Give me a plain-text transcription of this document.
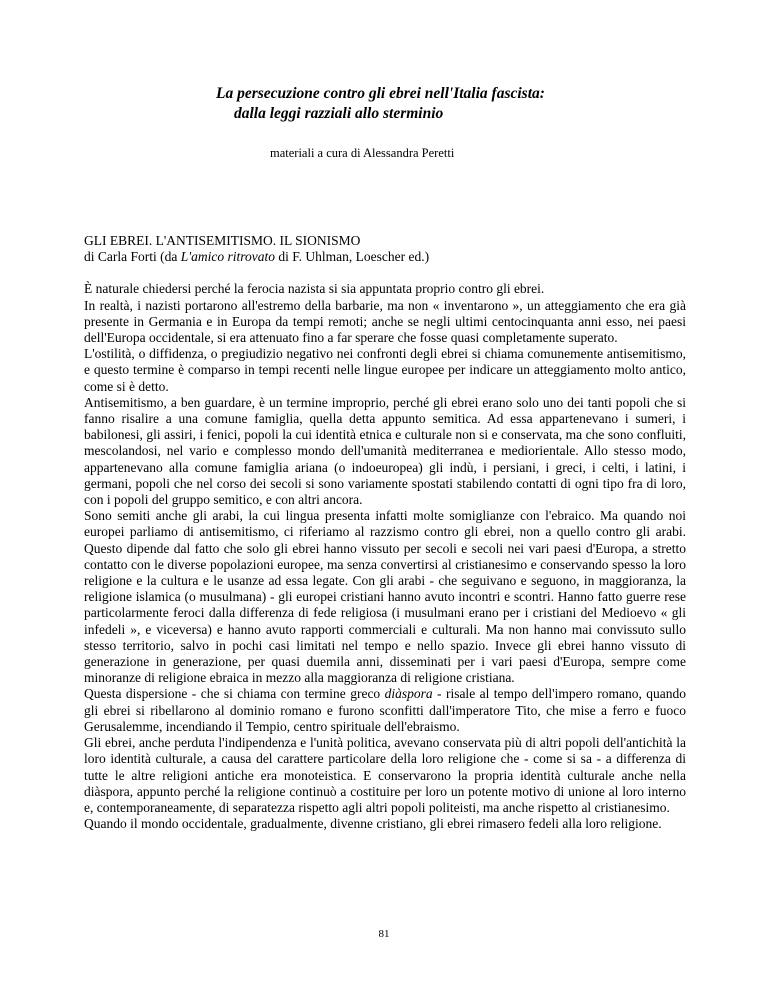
La persecuzione contro gli ebrei nell'Italia fascista:
dalla leggi razziali allo sterminio

materiali a cura di Alessandra Peretti

GLI EBREI. L'ANTISEMITISMO. IL SIONISMO

di Carla Forti (da L'amico ritrovato di F. Uhlman, Loescher ed.)

È naturale chiedersi perché la ferocia nazista si sia appuntata proprio contro gli ebrei.

In realtà, i nazisti portarono all'estremo della barbarie, ma non « inventarono », un atteggiamento che era già presente in Germania e in Europa da tempi remoti; anche se negli ultimi centocinquanta anni esso, nei paesi dell'Europa occidentale, si era attenuato fino a far sperare che fosse quasi completamente superato.

L'ostilità, o diffidenza, o pregiudizio negativo nei confronti degli ebrei si chiama comunemente antisemitismo, e questo termine è comparso in tempi recenti nelle lingue europee per indicare un atteggiamento molto antico, come si è detto.

Antisemitismo, a ben guardare, è un termine improprio, perché gli ebrei erano solo uno dei tanti popoli che si fanno risalire a una comune famiglia, quella detta appunto semitica. Ad essa appartenevano i sumeri, i babilonesi, gli assiri, i fenici, popoli la cui identità etnica e culturale non si e conservata, ma che sono confluiti, mescolandosi, nel vario e complesso mondo dell'umanità mediterranea e mediorientale. Allo stesso modo, appartenevano alla comune famiglia ariana (o indoeuropea) gli indù, i persiani, i greci, i celti, i latini, i germani, popoli che nel corso dei secoli si sono variamente spostati stabilendo contatti di ogni tipo fra di loro, con i popoli del gruppo semitico, e con altri ancora.

Sono semiti anche gli arabi, la cui lingua presenta infatti molte somiglianze con l'ebraico. Ma quando noi europei parliamo di antisemitismo, ci riferiamo al razzismo contro gli ebrei, non a quello contro gli arabi. Questo dipende dal fatto che solo gli ebrei hanno vissuto per secoli e secoli nei vari paesi d'Europa, a stretto contatto con le diverse popolazioni europee, ma senza convertirsi al cristianesimo e conservando spesso la loro religione e la cultura e le usanze ad essa legate. Con gli arabi - che seguivano e seguono, in maggioranza, la religione islamica (o musulmana) - gli europei cristiani hanno avuto incontri e scontri. Hanno fatto guerre rese particolarmente feroci dalla differenza di fede religiosa (i musulmani erano per i cristiani del Medioevo « gli infedeli », e viceversa) e hanno avuto rapporti commerciali e culturali. Ma non hanno mai convissuto sullo stesso territorio, salvo in pochi casi limitati nel tempo e nello spazio. Invece gli ebrei hanno vissuto di generazione in generazione, per quasi duemila anni, disseminati per i vari paesi d'Europa, sempre come minoranze di religione ebraica in mezzo alla maggioranza di religione cristiana.

Questa dispersione - che si chiama con termine greco diàspora - risale al tempo dell'impero romano, quando gli ebrei si ribellarono al dominio romano e furono sconfitti dall'imperatore Tito, che mise a ferro e fuoco Gerusalemme, incendiando il Tempio, centro spirituale dell'ebraismo.

Gli ebrei, anche perduta l'indipendenza e l'unità politica, avevano conservata più di altri popoli dell'antichità la loro identità culturale, a causa del carattere particolare della loro religione che - come si sa - a differenza di tutte le altre religioni antiche era monoteistica. E conservarono la propria identità culturale anche nella diàspora, appunto perché la religione continuò a costituire per loro un potente motivo di unione al loro interno e, contemporaneamente, di separatezza rispetto agli altri popoli politeisti, ma anche rispetto al cristianesimo.

Quando il mondo occidentale, gradualmente, divenne cristiano, gli ebrei rimasero fedeli alla loro religione.

81
